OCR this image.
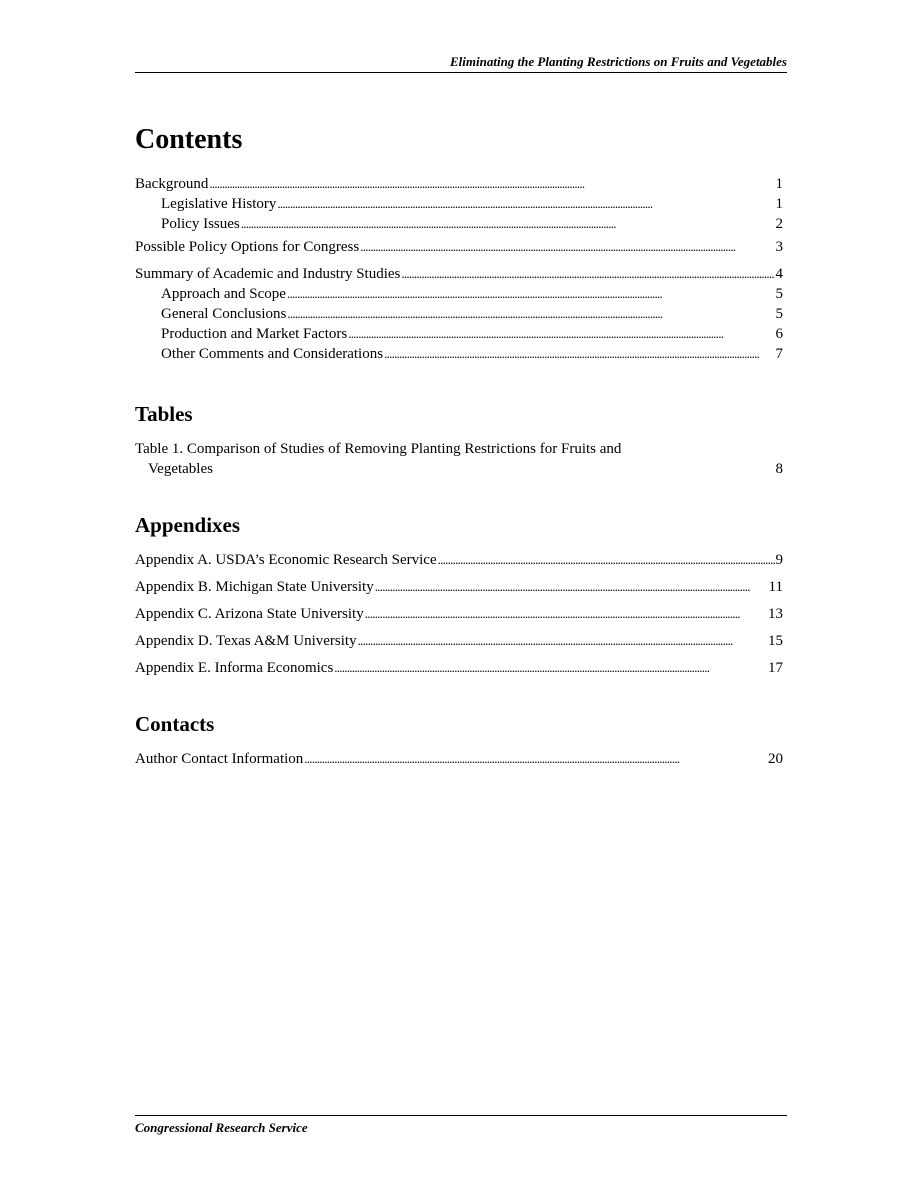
Eliminating the Planting Restrictions on Fruits and Vegetables
Contents
Background . . .	1
Legislative History . . .	1
Policy Issues . . .	2
Possible Policy Options for Congress . . .	3
Summary of Academic and Industry Studies . . .	4
Approach and Scope . . .	5
General Conclusions . . .	5
Production and Market Factors . . .	6
Other Comments and Considerations . . .	7
Tables
Table 1. Comparison of Studies of Removing Planting Restrictions for Fruits and
Vegetables	8
Appendixes
Appendix A. USDA’s Economic Research Service . . .	9
Appendix B. Michigan State University . . .	11
Appendix C. Arizona State University . . .	13
Appendix D. Texas A&M University . . .	15
Appendix E. Informa Economics . . .	17
Contacts
Author Contact Information . . .	20
Congressional Research Service
